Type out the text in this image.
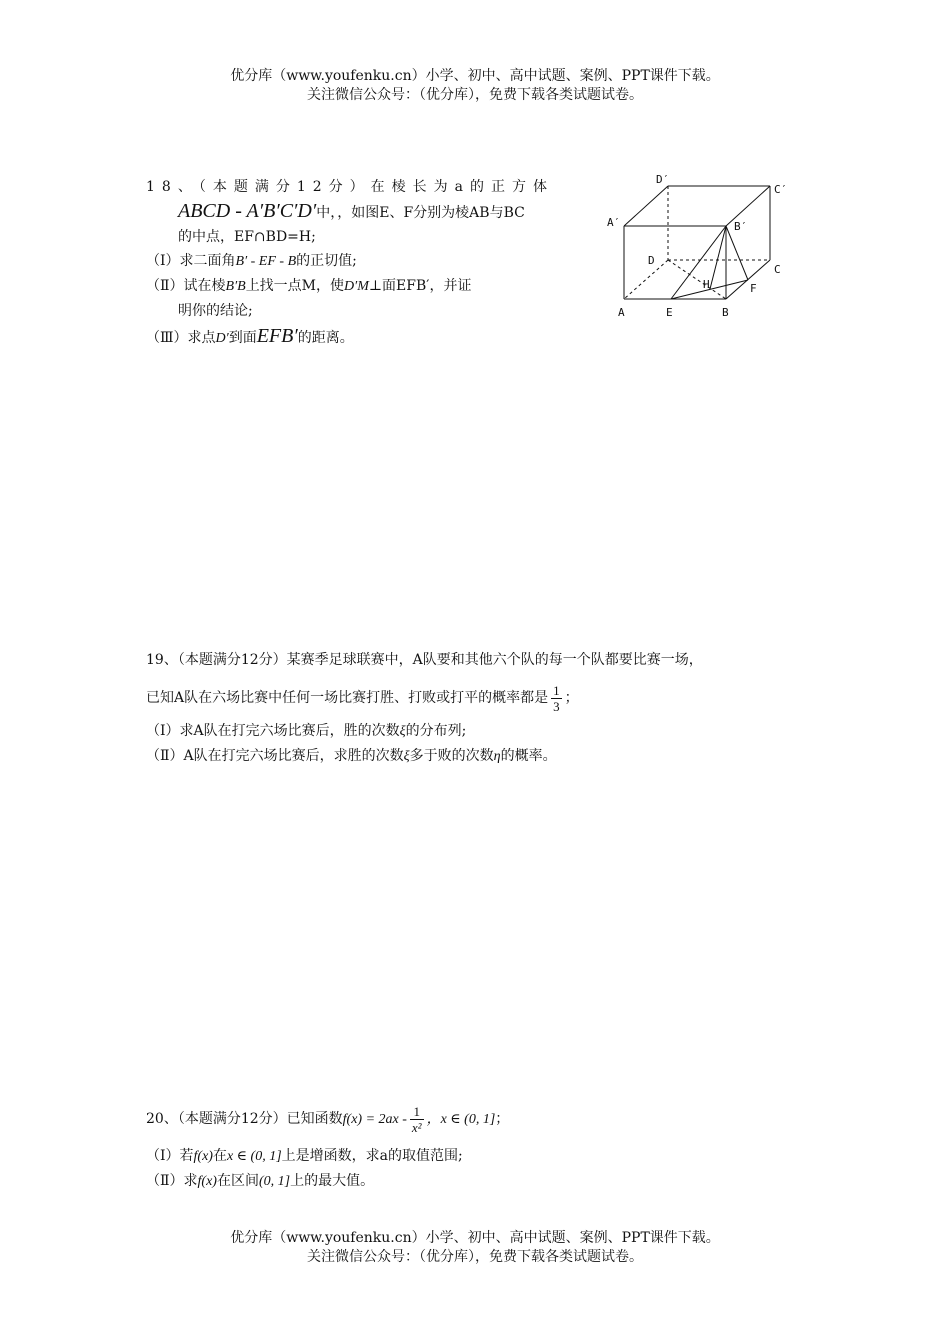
优分库（www.youfenku.cn）小学、初中、高中试题、案例、PPT课件下载。
关注微信公众号：（优分库），免费下载各类试题试卷。
18、（本题满分12分）在棱长为a的正方体
ABCD - A′B′C′D′中，，如图E、F分别为棱AB与BC
的中点，EF∩BD=H;
（Ⅰ）求二面角B′ - EF - B的正切值;
（Ⅱ）试在棱B′B上找一点M，使D′M⊥面EFB′，并证
明你的结论;
（Ⅲ）求点D′到面EFB′的距离。
D′
C′
A′	B′
D
C
H	F
A	E	B
19、（本题满分12分）某赛季足球联赛中，A队要和其他六个队的每一个队都要比赛一场，
已知A队在六场比赛中任何一场比赛打胜、打败或打平的概率都是 $\frac{1}{3}$ ；
（Ⅰ）求A队在打完六场比赛后，胜的次数ξ的分布列;
（Ⅱ）A队在打完六场比赛后，求胜的次数ξ多于败的次数η的概率。
20、（本题满分12分）已知函数$f(x) = 2ax - \frac{1}{\text{x²}}$ ，x ∈ (0, 1]；
（Ⅰ）若f(x)在x ∈ (0, 1]上是增函数，求a的取值范围;
（Ⅱ）求f(x)在区间(0, 1]上的最大值。
优分库（www.youfenku.cn）小学、初中、高中试题、案例、PPT课件下载。
关注微信公众号：（优分库），免费下载各类试题试卷。
